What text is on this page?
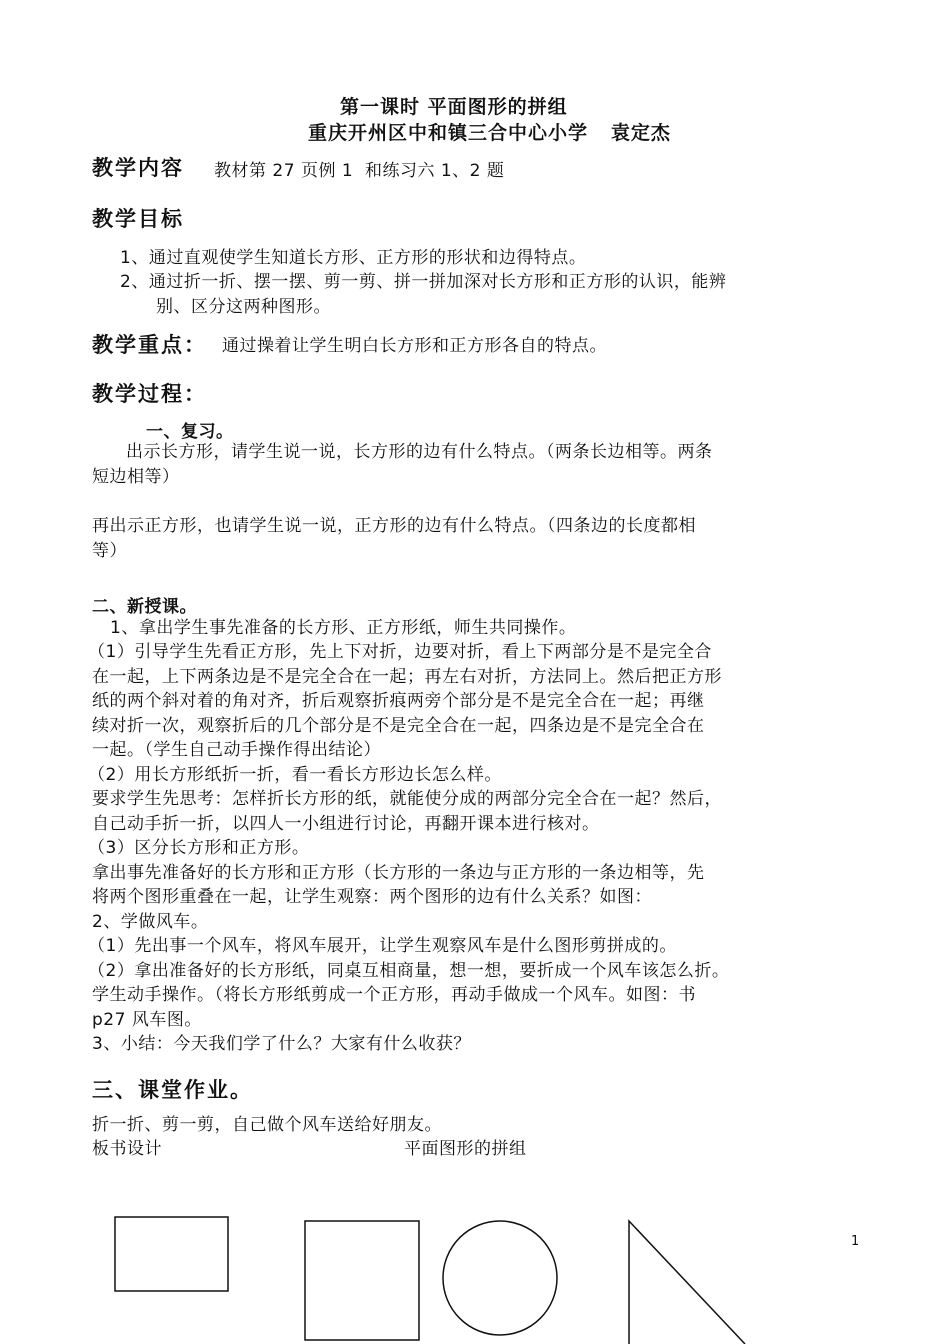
第一课时 平面图形的拼组
重庆开州区中和镇三合中心小学   袁定杰
教学内容 教材第 27 页例 1  和练习六 1、2 题
教学目标
1、通过直观使学生知道长方形、正方形的形状和边得特点。
2、通过折一折、摆一摆、剪一剪、拼一拼加深对长方形和正方形的认识，能辨
别、区分这两种图形。
教学重点： 通过操着让学生明白长方形和正方形各自的特点。
教学过程：
一、复习。
出示长方形，请学生说一说，长方形的边有什么特点。（两条长边相等。两条
短边相等）
再出示正方形，也请学生说一说，正方形的边有什么特点。（四条边的长度都相
等）
二、新授课。
1、拿出学生事先准备的长方形、正方形纸，师生共同操作。
（1）引导学生先看正方形，先上下对折，边要对折，看上下两部分是不是完全合
在一起，上下两条边是不是完全合在一起；再左右对折，方法同上。然后把正方形
纸的两个斜对着的角对齐，折后观察折痕两旁个部分是不是完全合在一起；再继
续对折一次，观察折后的几个部分是不是完全合在一起，四条边是不是完全合在
一起。（学生自己动手操作得出结论）
（2）用长方形纸折一折，看一看长方形边长怎么样。
要求学生先思考：怎样折长方形的纸，就能使分成的两部分完全合在一起？然后，
自己动手折一折，以四人一小组进行讨论，再翻开课本进行核对。
（3）区分长方形和正方形。
拿出事先准备好的长方形和正方形（长方形的一条边与正方形的一条边相等，先
将两个图形重叠在一起，让学生观察：两个图形的边有什么关系？如图：
2、学做风车。
（1）先出事一个风车，将风车展开，让学生观察风车是什么图形剪拼成的。
（2）拿出准备好的长方形纸，同桌互相商量，想一想，要折成一个风车该怎么折。
学生动手操作。（将长方形纸剪成一个正方形，再动手做成一个风车。如图：书
p27 风车图。
3、小结：今天我们学了什么？大家有什么收获？
三、课堂作业。
折一折、剪一剪，自己做个风车送给好朋友。
板书设计	平面图形的拼组
1
